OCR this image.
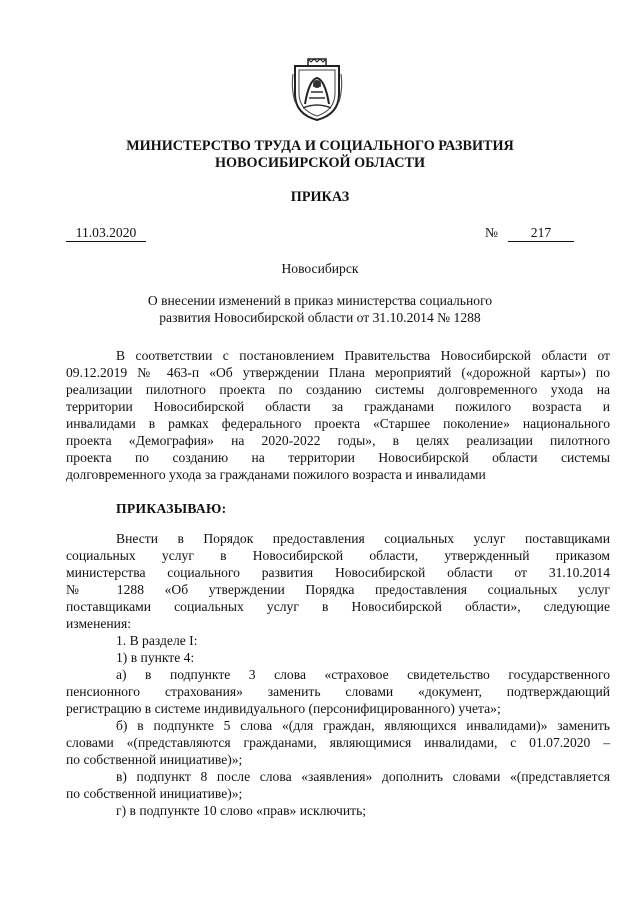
МИНИСТЕРСТВО ТРУДА И СОЦИАЛЬНОГО РАЗВИТИЯ
НОВОСИБИРСКОЙ ОБЛАСТИ
ПРИКАЗ
11.03.2020	№	217
Новосибирск
О внесении изменений в приказ министерства социального
развития Новосибирской области от 31.10.2014 № 1288
В соответствии с постановлением Правительства Новосибирской области от
09.12.2019 № 463-п «Об утверждении Плана мероприятий («дорожной карты») по
реализации пилотного проекта по созданию системы долговременного ухода на
территории Новосибирской области за гражданами пожилого возраста и
инвалидами в рамках федерального проекта «Старшее поколение» национального
проекта «Демография» на 2020-2022 годы», в целях реализации пилотного
проекта по созданию на территории Новосибирской области системы
долговременного ухода за гражданами пожилого возраста и инвалидами
ПРИКАЗЫВАЮ:
Внести в Порядок предоставления социальных услуг поставщиками
социальных услуг в Новосибирской области, утвержденный приказом
министерства социального развития Новосибирской области от 31.10.2014
№ 1288 «Об утверждении Порядка предоставления социальных услуг
поставщиками социальных услуг в Новосибирской области», следующие
изменения:
1. В разделе I:
1) в пункте 4:
а) в подпункте 3 слова «страховое свидетельство государственного
пенсионного страхования» заменить словами «документ, подтверждающий
регистрацию в системе индивидуального (персонифицированного) учета»;
б) в подпункте 5 слова «(для граждан, являющихся инвалидами)» заменить
словами «(представляются гражданами, являющимися инвалидами, с 01.07.2020 –
по собственной инициативе)»;
в) подпункт 8 после слова «заявления» дополнить словами «(представляется
по собственной инициативе)»;
г) в подпункте 10 слово «прав» исключить;
